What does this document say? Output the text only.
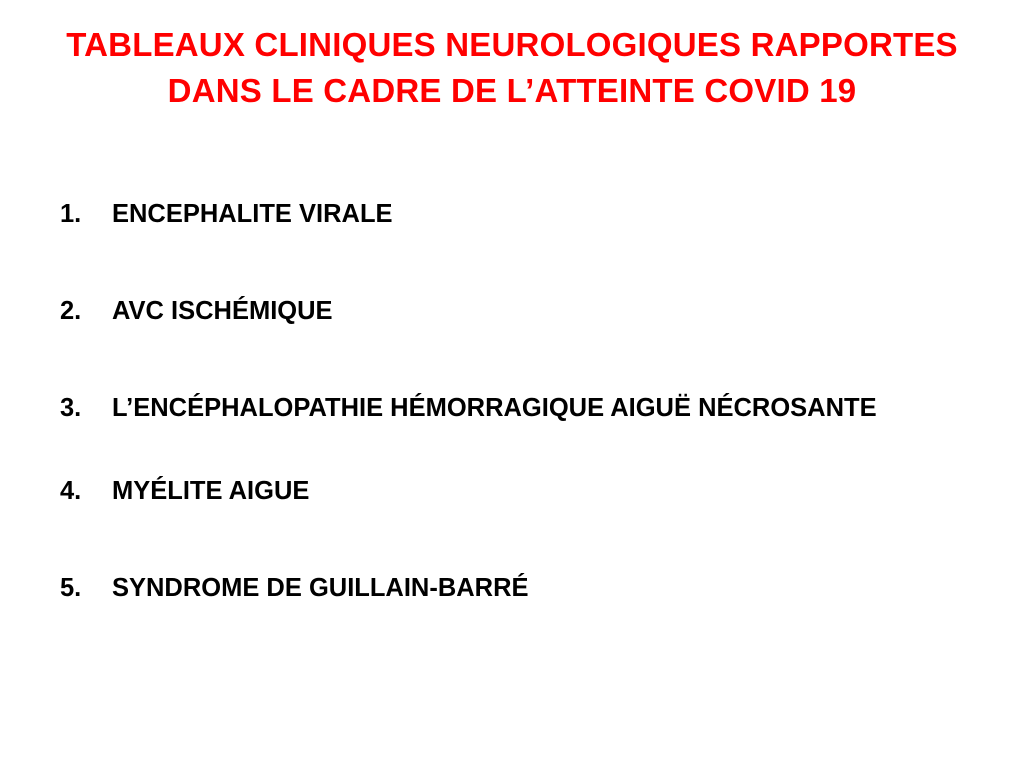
TABLEAUX CLINIQUES NEUROLOGIQUES RAPPORTES DANS LE CADRE DE L’ATTEINTE COVID 19
1.	ENCEPHALITE VIRALE
2.	AVC ISCHÉMIQUE
3.	L’ENCÉPHALOPATHIE HÉMORRAGIQUE AIGUË NÉCROSANTE
4.	MYÉLITE AIGUE
5.	SYNDROME DE GUILLAIN-BARRÉ
